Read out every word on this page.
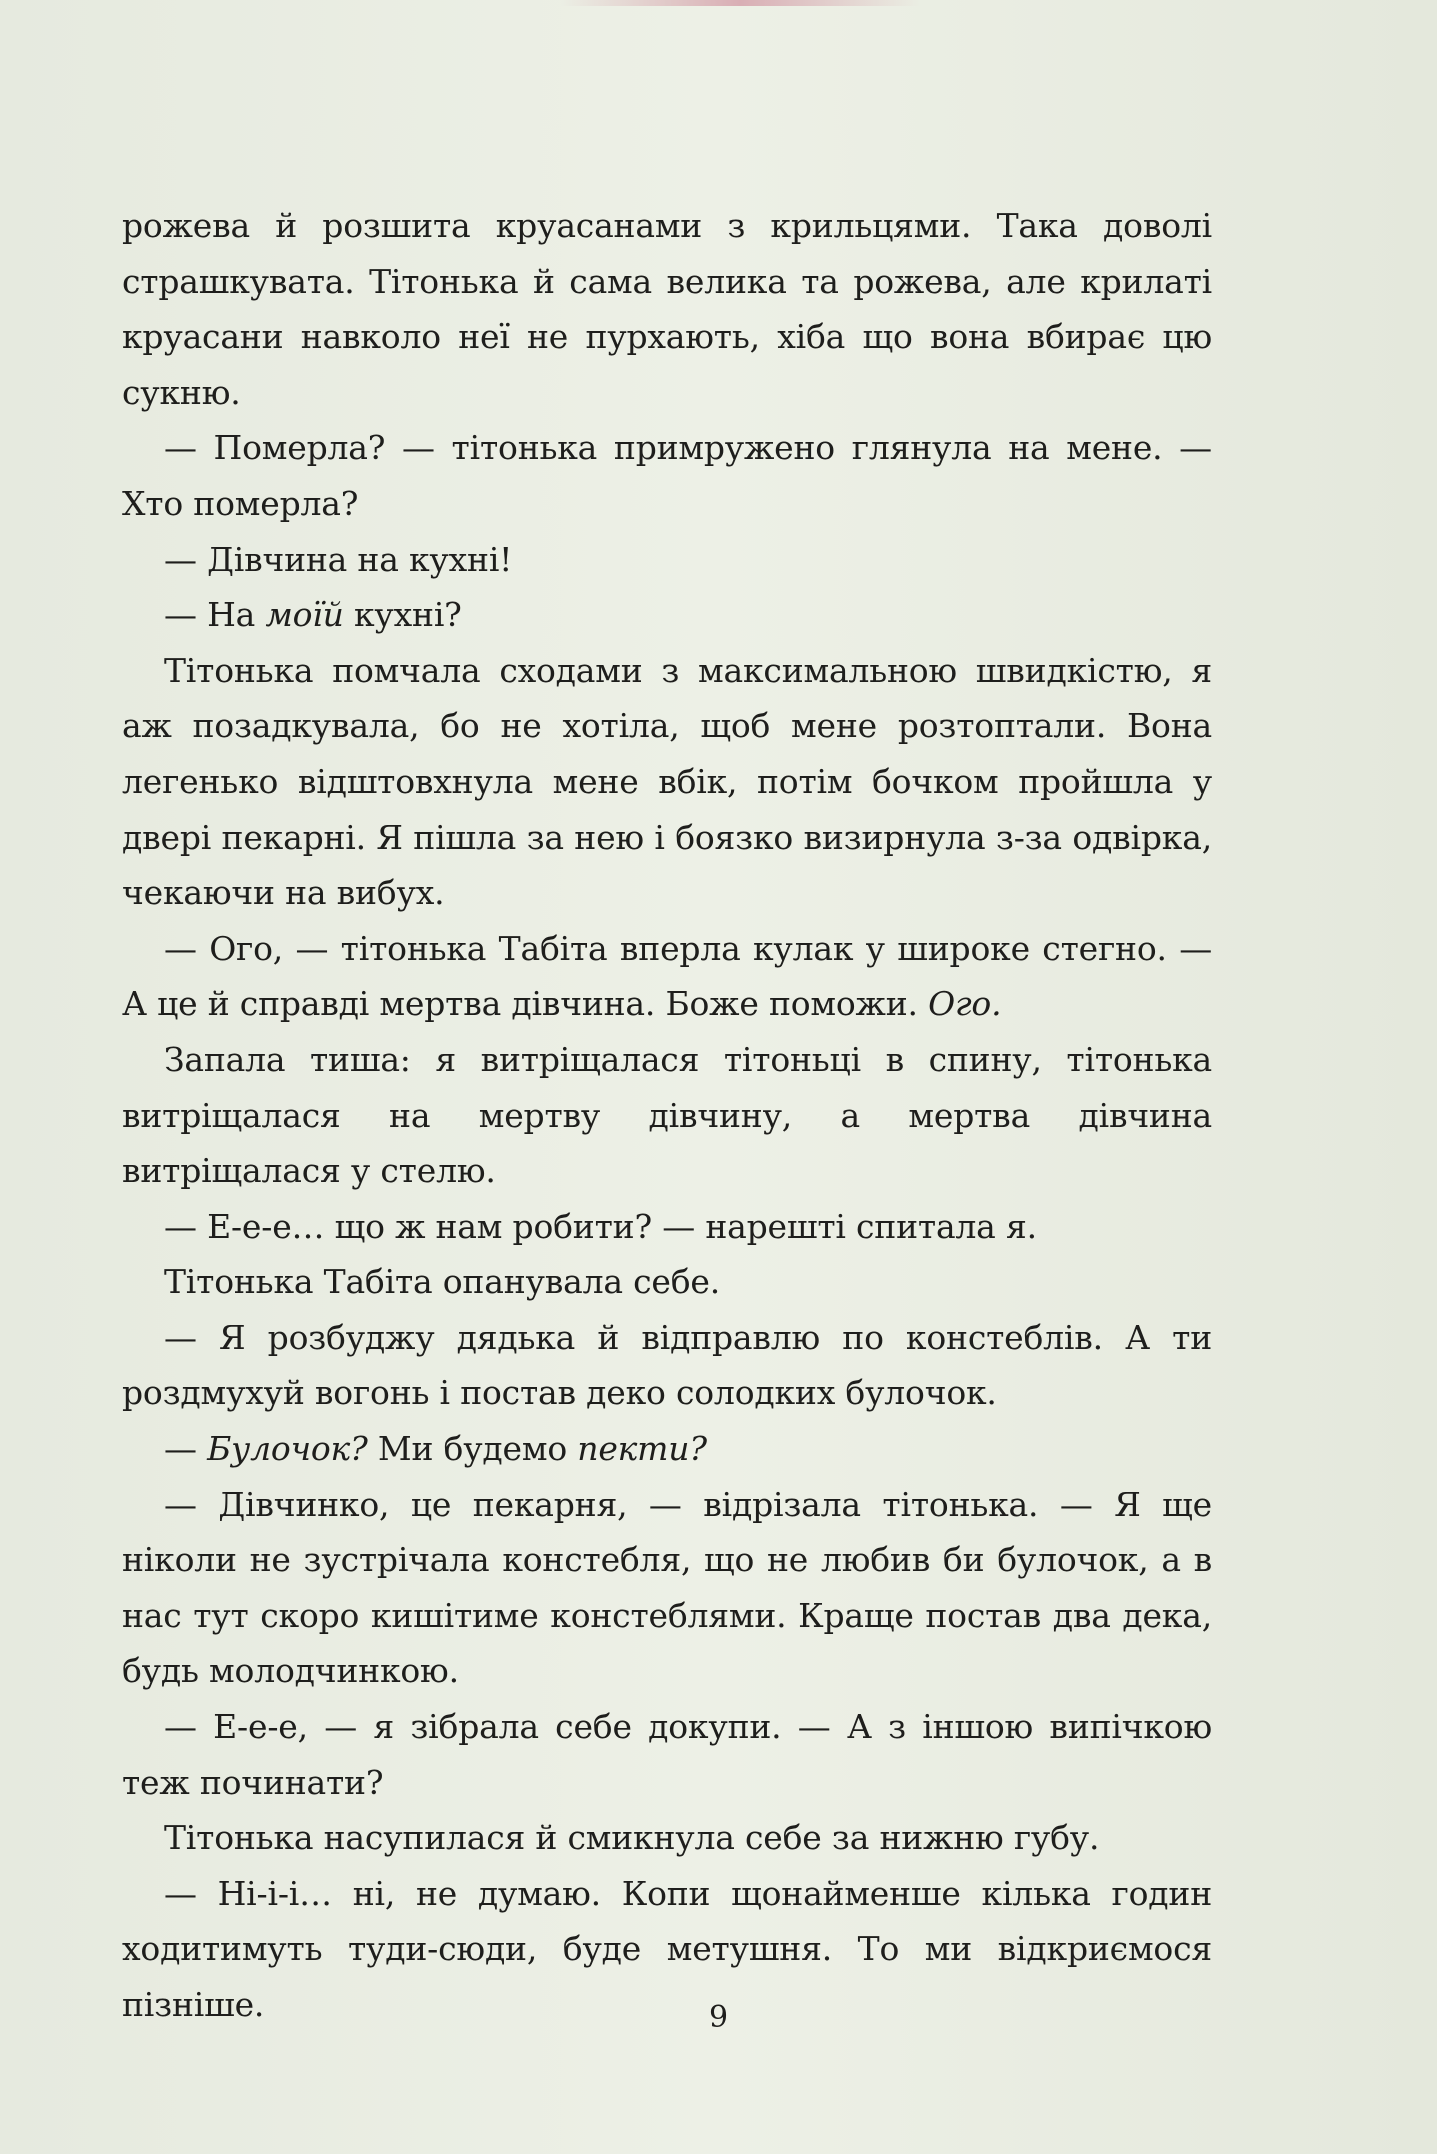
рожева й розшита круасанами з крильцями. Така доволі страшкувата. Тітонька й сама велика та рожева, але крилаті круасани навколо неї не пурхають, хіба що вона вбирає цю сукню.

— Померла? — тітонька примружено глянула на мене. — Хто померла?

— Дівчина на кухні!

— На моїй кухні?

Тітонька помчала сходами з максимальною швидкістю, я аж позадкувала, бо не хотіла, щоб мене розтоптали. Вона легенько відштовхнула мене вбік, потім бочком пройшла у двері пекарні. Я пішла за нею і боязко визирнула з-за одвірка, чекаючи на вибух.

— Ого, — тітонька Табіта вперла кулак у широке стегно. — А це й справді мертва дівчина. Боже поможи. Ого.

Запала тиша: я витріщалася тітоньці в спину, тітонька витріщалася на мертву дівчину, а мертва дівчина витріщалася у стелю.

— Е-е-е… що ж нам робити? — нарешті спитала я.

Тітонька Табіта опанувала себе.

— Я розбуджу дядька й відправлю по констеблів. А ти роздмухуй вогонь і постав деко солодких булочок.

— Булочок? Ми будемо пекти?

— Дівчинко, це пекарня, — відрізала тітонька. — Я ще ніколи не зустрічала констебля, що не любив би булочок, а в нас тут скоро кишітиме констеблями. Краще постав два дека, будь молодчинкою.

— Е-е-е, — я зібрала себе докупи. — А з іншою випічкою теж починати?

Тітонька насупилася й смикнула себе за нижню губу.

— Ні-і-і… ні, не думаю. Копи щонайменше кілька годин ходитимуть туди-сюди, буде метушня. То ми відкриємося пізніше.	9
